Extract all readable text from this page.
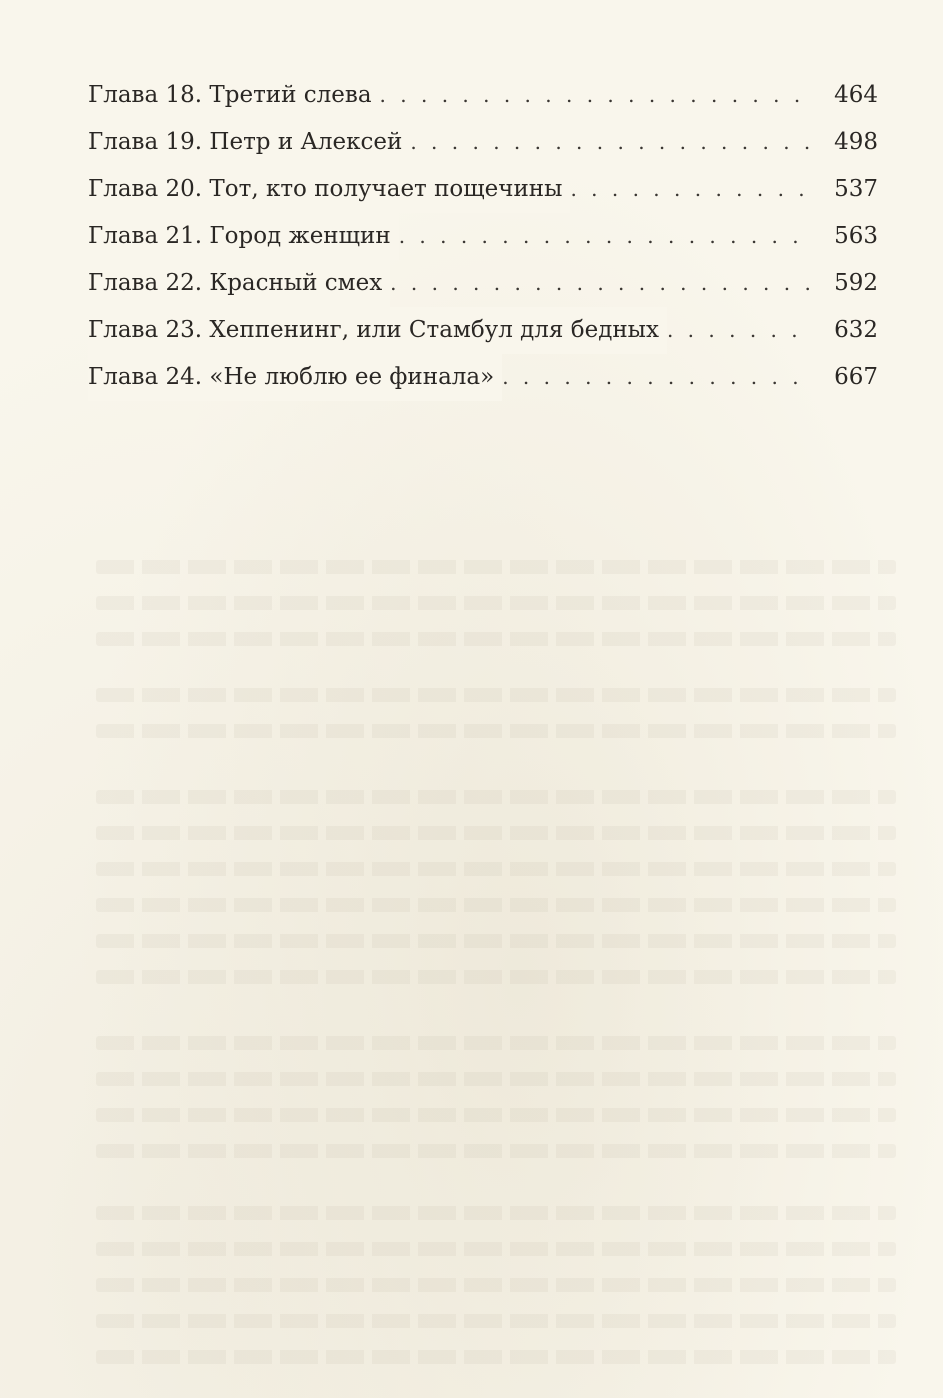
Глава 18. Третий слева . . .	464
Глава 19. Петр и Алексей . . .	498
Глава 20. Тот, кто получает пощечины . . .	537
Глава 21. Город женщин . . .	563
Глава 22. Красный смех . . .	592
Глава 23. Хеппенинг, или Стамбул для бедных . . .	632
Глава 24. «Не люблю ее финала» . . .	667
